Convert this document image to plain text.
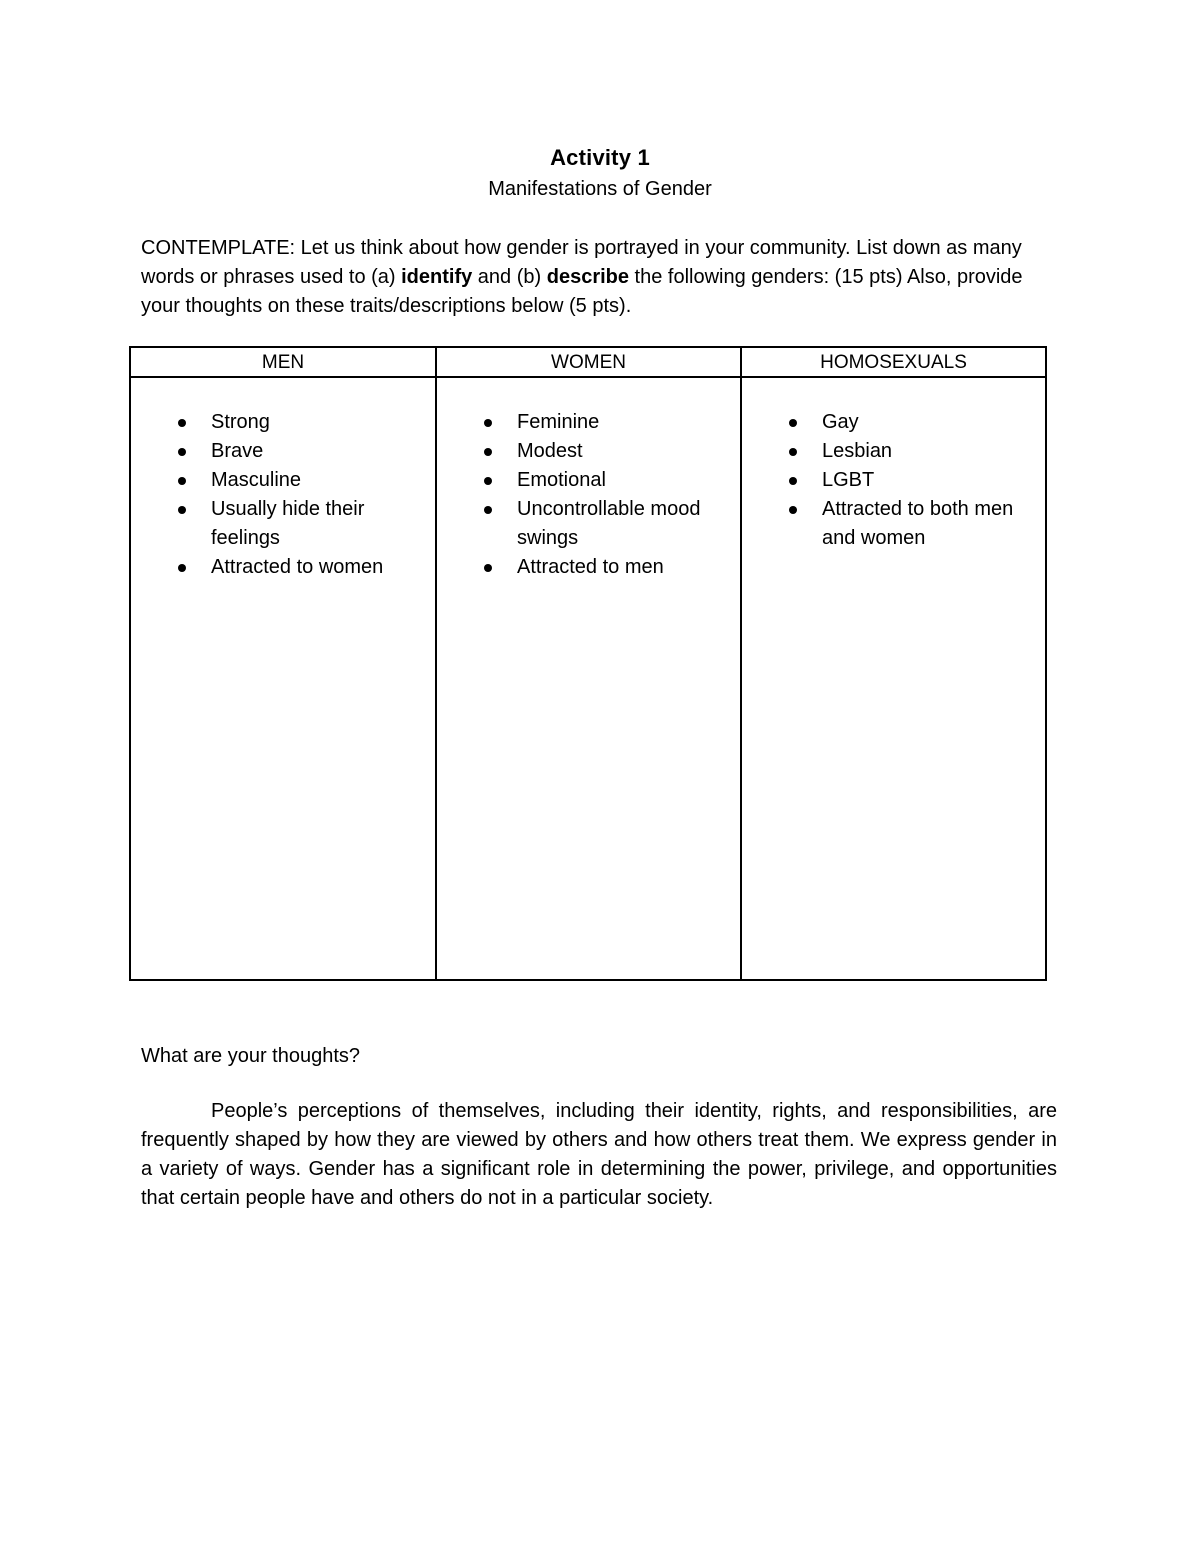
Activity 1
Manifestations of Gender
CONTEMPLATE: Let us think about how gender is portrayed in your community. List down as many words or phrases used to (a) identify and (b) describe the following genders: (15 pts) Also, provide your thoughts on these traits/descriptions below (5 pts).
MEN
Strong
Brave
Masculine
Usually hide their feelings
Attracted to women
WOMEN
Feminine
Modest
Emotional
Uncontrollable mood swings
Attracted to men
HOMOSEXUALS
Gay
Lesbian
LGBT
Attracted to both men and women
What are your thoughts?
People’s perceptions of themselves, including their identity, rights, and responsibilities, are frequently shaped by how they are viewed by others and how others treat them. We express gender in a variety of ways. Gender has a significant role in determining the power, privilege, and opportunities that certain people have and others do not in a particular society.
